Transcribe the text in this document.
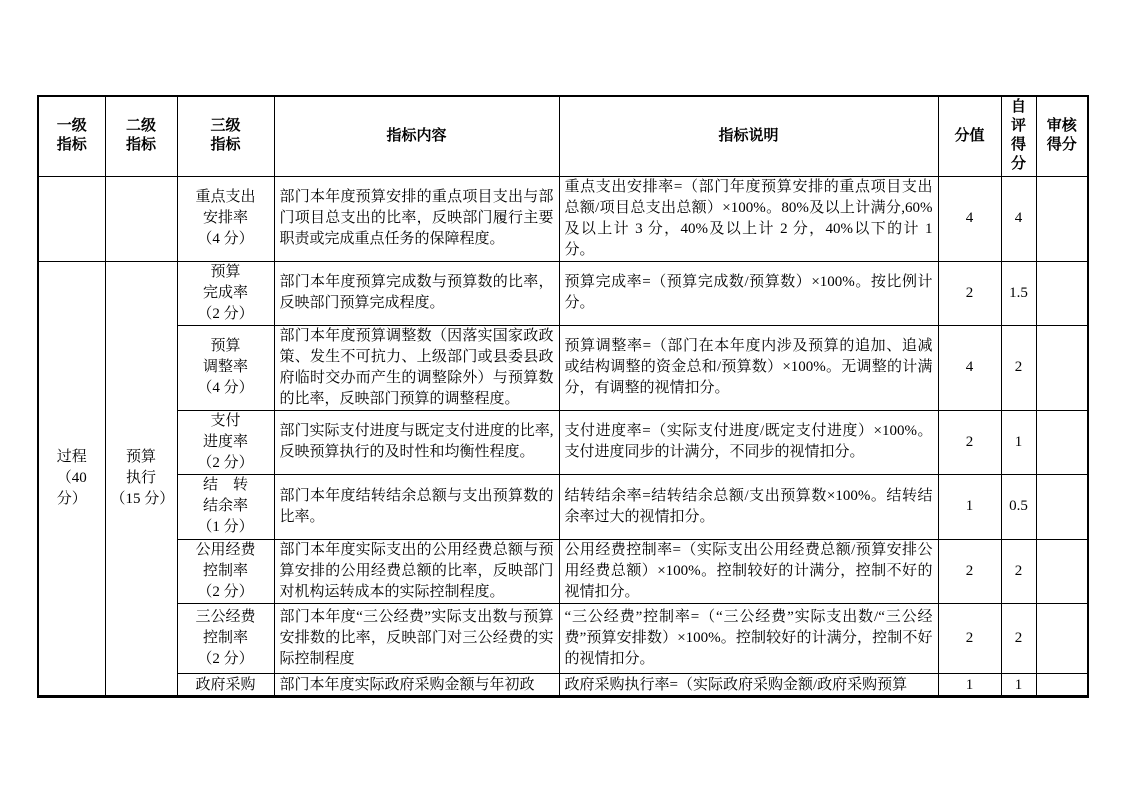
一级
指标	二级
指标	三级
指标	指标内容	指标说明	分值	自
评
得
分	审核
得分
		重点支出
安排率
（4 分）	部门本年度预算安排的重点项目支出与部门项目总支出的比率，反映部门履行主要职责或完成重点任务的保障程度。	重点支出安排率=（部门年度预算安排的重点项目支出总额/项目总支出总额）×100%。80%及以上计满分,60%及以上计 3 分，40%及以上计 2 分，40%以下的计 1 分。	4	4	
过程
（40 分）	预算
执行
（15 分）	预算
完成率
（2 分）	部门本年度预算完成数与预算数的比率，反映部门预算完成程度。	预算完成率=（预算完成数/预算数）×100%。按比例计分。	2	1.5	
		预算
调整率
（4 分）	部门本年度预算调整数（因落实国家政政策、发生不可抗力、上级部门或县委县政府临时交办而产生的调整除外）与预算数的比率，反映部门预算的调整程度。	预算调整率=（部门在本年度内涉及预算的追加、追减或结构调整的资金总和/预算数）×100%。无调整的计满分，有调整的视情扣分。	4	2	
		支付
进度率
（2 分）	部门实际支付进度与既定支付进度的比率,反映预算执行的及时性和均衡性程度。	支付进度率=（实际支付进度/既定支付进度）×100%。支付进度同步的计满分，不同步的视情扣分。	2	1	
		结　转
结余率
（1 分）	部门本年度结转结余总额与支出预算数的比率。	结转结余率=结转结余总额/支出预算数×100%。结转结余率过大的视情扣分。	1	0.5	
		公用经费
控制率
（2 分）	部门本年度实际支出的公用经费总额与预算安排的公用经费总额的比率，反映部门对机构运转成本的实际控制程度。	公用经费控制率=（实际支出公用经费总额/预算安排公用经费总额）×100%。控制较好的计满分，控制不好的视情扣分。	2	2	
		三公经费
控制率
（2 分）	部门本年度“三公经费”实际支出数与预算安排数的比率，反映部门对三公经费的实际控制程度	“三公经费”控制率=（“三公经费”实际支出数/“三公经费”预算安排数）×100%。控制较好的计满分，控制不好的视情扣分。	2	2	
		政府采购	部门本年度实际政府采购金额与年初政	政府采购执行率=（实际政府采购金额/政府采购预算	1	1	
